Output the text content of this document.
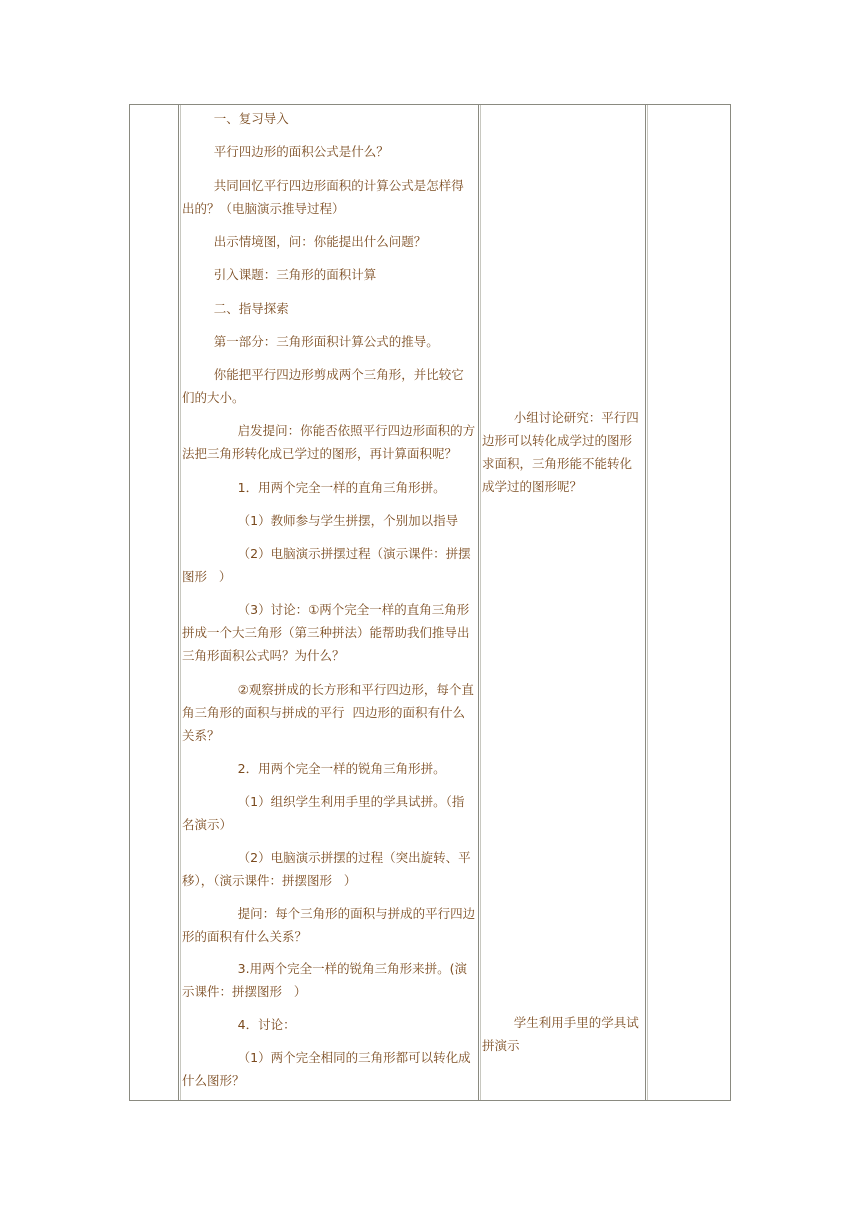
一、复习导入
平行四边形的面积公式是什么？
共同回忆平行四边形面积的计算公式是怎样得出的？（电脑演示推导过程）
出示情境图，问：你能提出什么问题？
引入课题：三角形的面积计算
二、指导探索
第一部分：三角形面积计算公式的推导。
你能把平行四边形剪成两个三角形，并比较它们的大小。
启发提问：你能否依照平行四边形面积的方法把三角形转化成已学过的图形，再计算面积呢？
1．用两个完全一样的直角三角形拼。
（1）教师参与学生拼摆，个别加以指导
（2）电脑演示拼摆过程（演示课件：拼摆图形   ）
（3）讨论：①两个完全一样的直角三角形拼成一个大三角形（第三种拼法）能帮助我们推导出三角形面积公式吗？为什么？
②观察拼成的长方形和平行四边形，每个直角三角形的面积与拼成的平行  四边形的面积有什么关系？
2．用两个完全一样的锐角三角形拼。
（1）组织学生利用手里的学具试拼。（指名演示）
（2）电脑演示拼摆的过程（突出旋转、平移），（演示课件：拼摆图形   ）
提问：每个三角形的面积与拼成的平行四边形的面积有什么关系？
3.用两个完全一样的锐角三角形来拼。(演示课件：拼摆图形   ）
4．讨论：
（1）两个完全相同的三角形都可以转化成什么图形？
小组讨论研究：平行四边形可以转化成学过的图形求面积，三角形能不能转化成学过的图形呢？
学生利用手里的学具试拼演示
